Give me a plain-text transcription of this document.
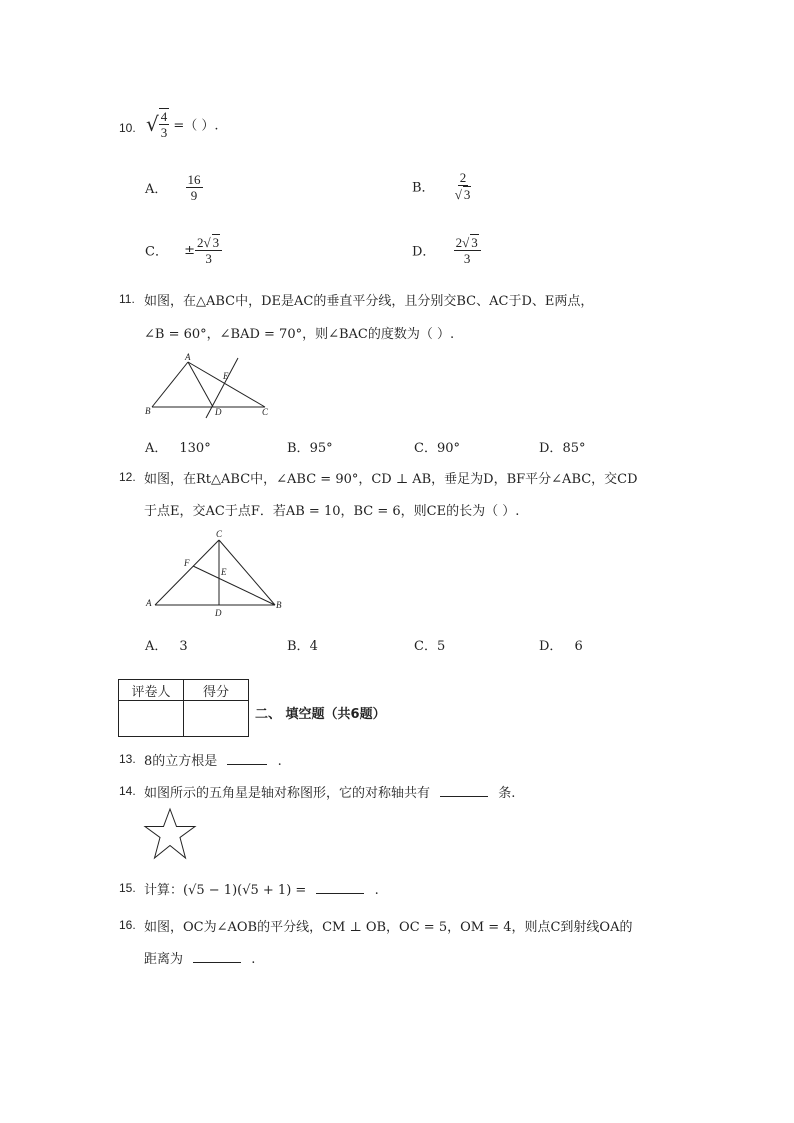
10. √ $\frac{4}{3}$ =（ ）.
A． $\frac{16}{9}$	B． $\frac{2}{√ 3}$
C． ± $\frac{2√ 3}{3}$	D． $\frac{2√ 3}{3}$
11. 如图，在△ABC中，DE是AC的垂直平分线，且分别交BC、AC于D、E两点，
∠B = 60°，∠BAD = 70°，则∠BAC的度数为（ ）.
A
B	C
D
E
A． 130°	B．95°	C．90°	D．85°
12. 如图，在Rt△ABC中，∠ABC = 90°，CD ⊥ AB，垂足为D，BF平分∠ABC，交CD
于点E，交AC于点F．若AB = 10，BC = 6，则CE的长为（ ）.
C
A	B
D
E
F
A． 3	B．4	C．5	D． 6
评卷人	得分

二、 填空题（共6题）
13. 8的立方根是	.
14. 如图所示的五角星是轴对称图形，它的对称轴共有	条.
15. 计算：(√5 − 1)(√5 + 1) =	.
16. 如图，OC为∠AOB的平分线，CM ⊥ OB，OC = 5，OM = 4，则点C到射线OA的
距离为	.
